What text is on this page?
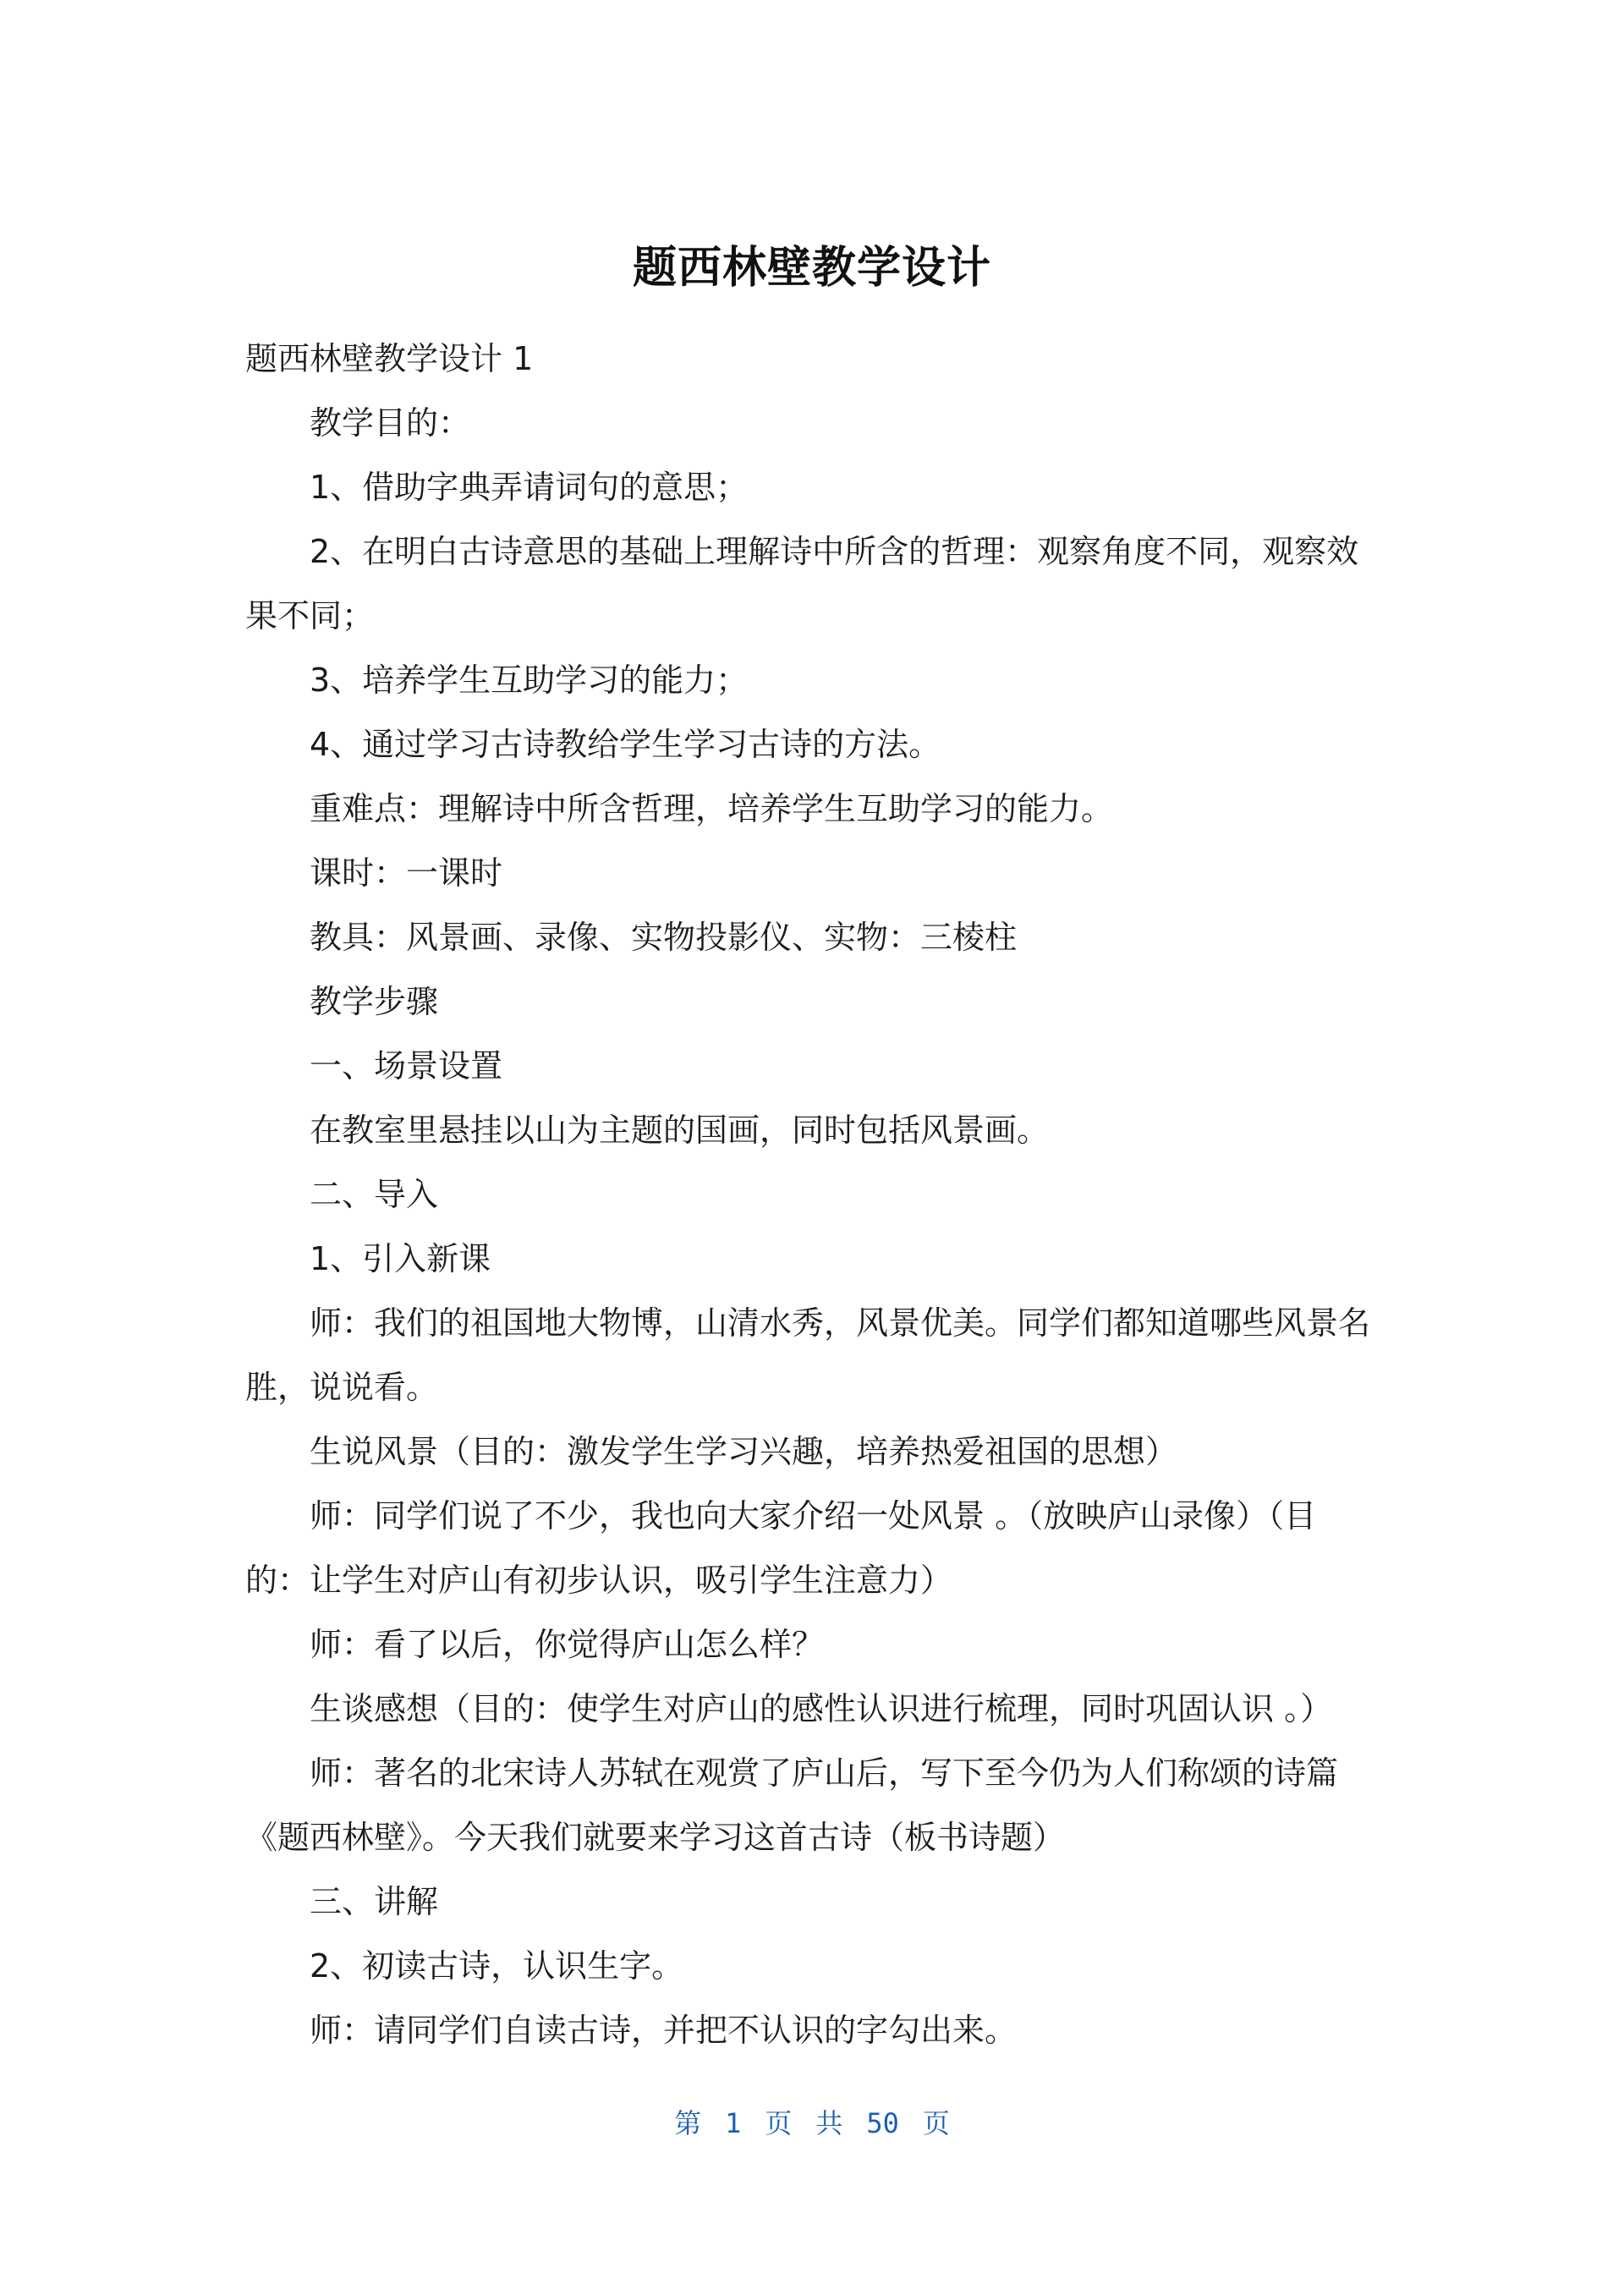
题西林壁教学设计

题西林壁教学设计 1

教学目的：

1、借助字典弄请词句的意思；

2、在明白古诗意思的基础上理解诗中所含的哲理：观察角度不同，观察效果不同；

3、培养学生互助学习的能力；

4、通过学习古诗教给学生学习古诗的方法。

重难点：理解诗中所含哲理，培养学生互助学习的能力。

课时：一课时

教具：风景画、录像、实物投影仪、实物：三棱柱

教学步骤

一、场景设置

在教室里悬挂以山为主题的国画，同时包括风景画。

二、导入

1、引入新课

师：我们的祖国地大物博，山清水秀，风景优美。同学们都知道哪些风景名胜，说说看。

生说风景（目的：激发学生学习兴趣，培养热爱祖国的思想）

师：同学们说了不少，我也向大家介绍一处风景 。（放映庐山录像）（目的：让学生对庐山有初步认识，吸引学生注意力）

师：看了以后，你觉得庐山怎么样？

生谈感想（目的：使学生对庐山的感性认识进行梳理，同时巩固认识 。）

师：著名的北宋诗人苏轼在观赏了庐山后，写下至今仍为人们称颂的诗篇《题西林壁》。今天我们就要来学习这首古诗（板书诗题）

三、讲解

2、初读古诗，认识生字。

师：请同学们自读古诗，并把不认识的字勾出来。

第 1 页 共 50 页
